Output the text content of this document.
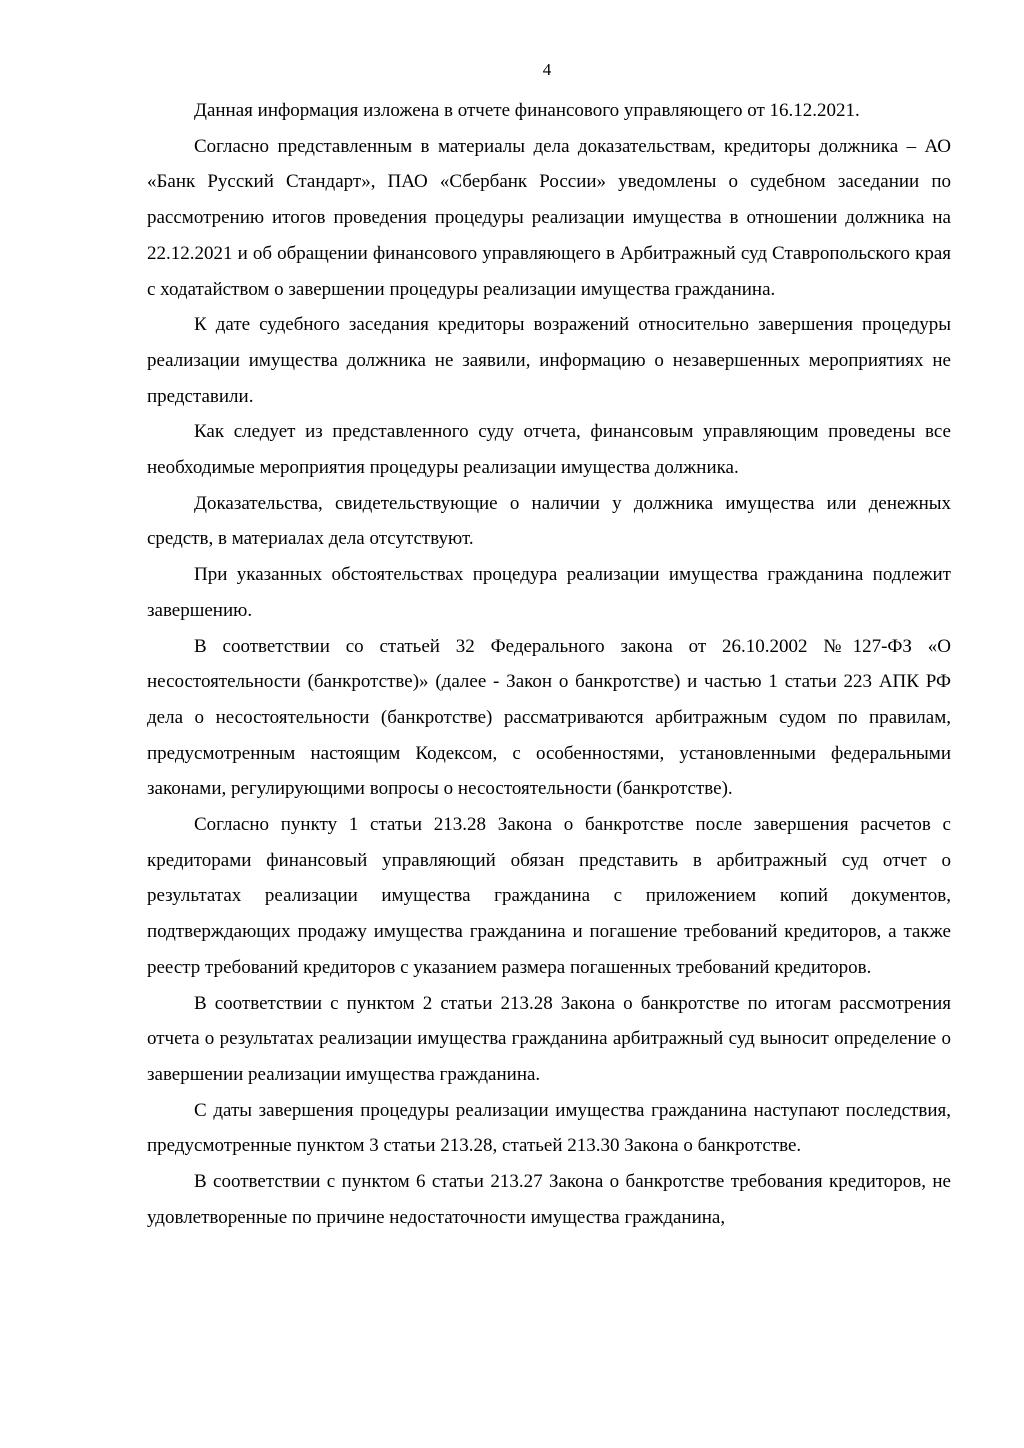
4

Данная информация изложена в отчете финансового управляющего от 16.12.2021.

Согласно представленным в материалы дела доказательствам, кредиторы должника – АО «Банк Русский Стандарт», ПАО «Сбербанк России» уведомлены о судебном заседании по рассмотрению итогов проведения процедуры реализации имущества в отношении должника на 22.12.2021 и об обращении финансового управляющего в Арбитражный суд Ставропольского края с ходатайством о завершении процедуры реализации имущества гражданина.

К дате судебного заседания кредиторы возражений относительно завершения процедуры реализации имущества должника не заявили, информацию о незавершенных мероприятиях не представили.

Как следует из представленного суду отчета, финансовым управляющим проведены все необходимые мероприятия процедуры реализации имущества должника.

Доказательства, свидетельствующие о наличии у должника имущества или денежных средств, в материалах дела отсутствуют.

При указанных обстоятельствах процедура реализации имущества гражданина подлежит завершению.

В соответствии со статьей 32 Федерального закона от 26.10.2002 №127-ФЗ «О несостоятельности (банкротстве)» (далее - Закон о банкротстве) и частью 1 статьи 223 АПК РФ дела о несостоятельности (банкротстве) рассматриваются арбитражным судом по правилам, предусмотренным настоящим Кодексом, с особенностями, установленными федеральными законами, регулирующими вопросы о несостоятельности (банкротстве).

Согласно пункту 1 статьи 213.28 Закона о банкротстве после завершения расчетов с кредиторами финансовый управляющий обязан представить в арбитражный суд отчет о результатах реализации имущества гражданина с приложением копий документов, подтверждающих продажу имущества гражданина и погашение требований кредиторов, а также реестр требований кредиторов с указанием размера погашенных требований кредиторов.

В соответствии с пунктом 2 статьи 213.28 Закона о банкротстве по итогам рассмотрения отчета о результатах реализации имущества гражданина арбитражный суд выносит определение о завершении реализации имущества гражданина.

С даты завершения процедуры реализации имущества гражданина наступают последствия, предусмотренные пунктом 3 статьи 213.28, статьей 213.30 Закона о банкротстве.

В соответствии с пунктом 6 статьи 213.27 Закона о банкротстве требования кредиторов, не удовлетворенные по причине недостаточности имущества гражданина,
